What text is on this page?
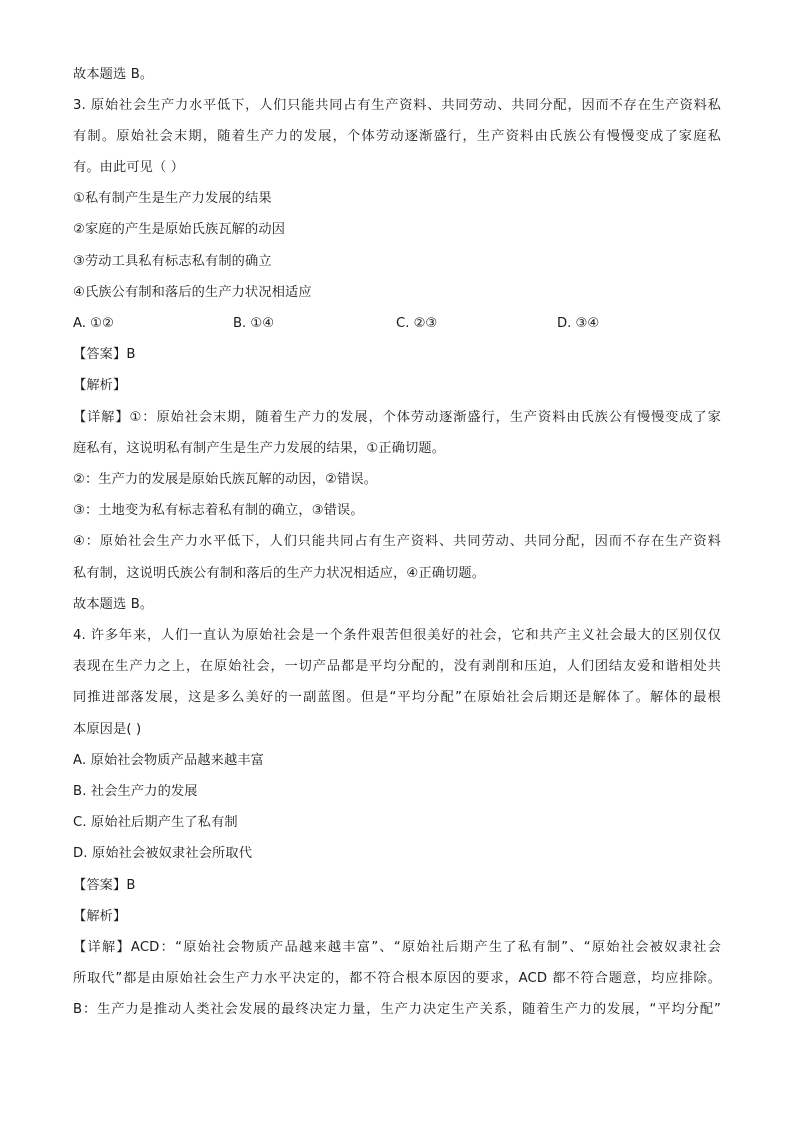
故本题选 B。
3. 原始社会生产力水平低下，人们只能共同占有生产资料、共同劳动、共同分配，因而不存在生产资料私
有制。原始社会末期，随着生产力的发展，个体劳动逐渐盛行，生产资料由氏族公有慢慢变成了家庭私
有。由此可见（ ）
①私有制产生是生产力发展的结果
②家庭的产生是原始氏族瓦解的动因
③劳动工具私有标志私有制的确立
④氏族公有制和落后的生产力状况相适应
A. ①②	B. ①④	C. ②③	D. ③④
【答案】B
【解析】
【详解】①：原始社会末期，随着生产力的发展，个体劳动逐渐盛行，生产资料由氏族公有慢慢变成了家
庭私有，这说明私有制产生是生产力发展的结果，①正确切题。
②：生产力的发展是原始氏族瓦解的动因，②错误。
③：土地变为私有标志着私有制的确立，③错误。
④：原始社会生产力水平低下，人们只能共同占有生产资料、共同劳动、共同分配，因而不存在生产资料
私有制，这说明氏族公有制和落后的生产力状况相适应，④正确切题。
故本题选 B。
4. 许多年来，人们一直认为原始社会是一个条件艰苦但很美好的社会，它和共产主义社会最大的区别仅仅
表现在生产力之上，在原始社会，一切产品都是平均分配的，没有剥削和压迫，人们团结友爱和谐相处共
同推进部落发展，这是多么美好的一副蓝图。但是“平均分配”在原始社会后期还是解体了。解体的最根
本原因是( )
A. 原始社会物质产品越来越丰富
B. 社会生产力的发展
C. 原始社后期产生了私有制
D. 原始社会被奴隶社会所取代
【答案】B
【解析】
【详解】ACD：“原始社会物质产品越来越丰富”、“原始社后期产生了私有制”、“原始社会被奴隶社会
所取代”都是由原始社会生产力水平决定的，都不符合根本原因的要求，ACD 都不符合题意，均应排除。
B：生产力是推动人类社会发展的最终决定力量，生产力决定生产关系，随着生产力的发展，“平均分配”
